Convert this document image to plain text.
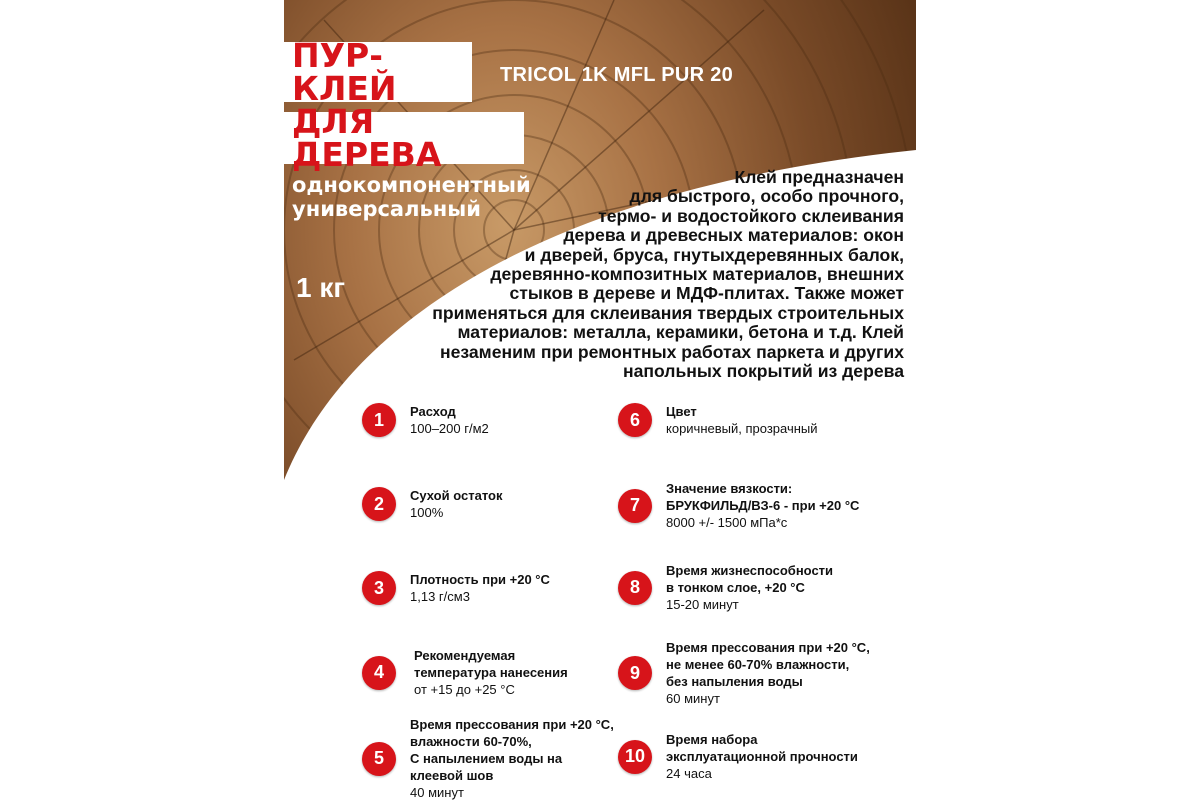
ПУР-КЛЕЙ
ДЛЯ ДЕРЕВА
TRICOL 1K MFL PUR 20
однокомпонентный
универсальный
1 кг
Клей предназначен
для быстрого, особо прочного,
термо- и водостойкого склеивания
дерева и древесных материалов: окон
и дверей, бруса, гнутыхдеревянных балок,
деревянно-композитных материалов, внешних
стыков в дереве и МДФ-плитах. Также может
применяться для склеивания твердых строительных
материалов: металла, керамики, бетона и т.д. Клей
незаменим при ремонтных работах паркета и других
напольных покрытий из дерева
1	Расход
100–200 г/м2
2	Сухой остаток
100%
3	Плотность при +20 °С
1,13 г/см3
4
Рекомендуемая
температура нанесения
от +15 до +25 °С
5
Время прессования при +20 °С,
влажности 60-70%,
С напылением воды на
клеевой шов
40 минут
6	Цвет
коричневый, прозрачный
7
Значение вязкости:
БРУКФИЛЬД/ВЗ-6 - при +20 °С
8000 +/- 1500 мПа*с
8
Время жизнеспособности
в тонком слое, +20 °С
15-20 минут
9
Время прессования при +20 °С,
не менее 60-70% влажности,
без напыления воды
60 минут
10
Время набора
эксплуатационной прочности
24 часа
